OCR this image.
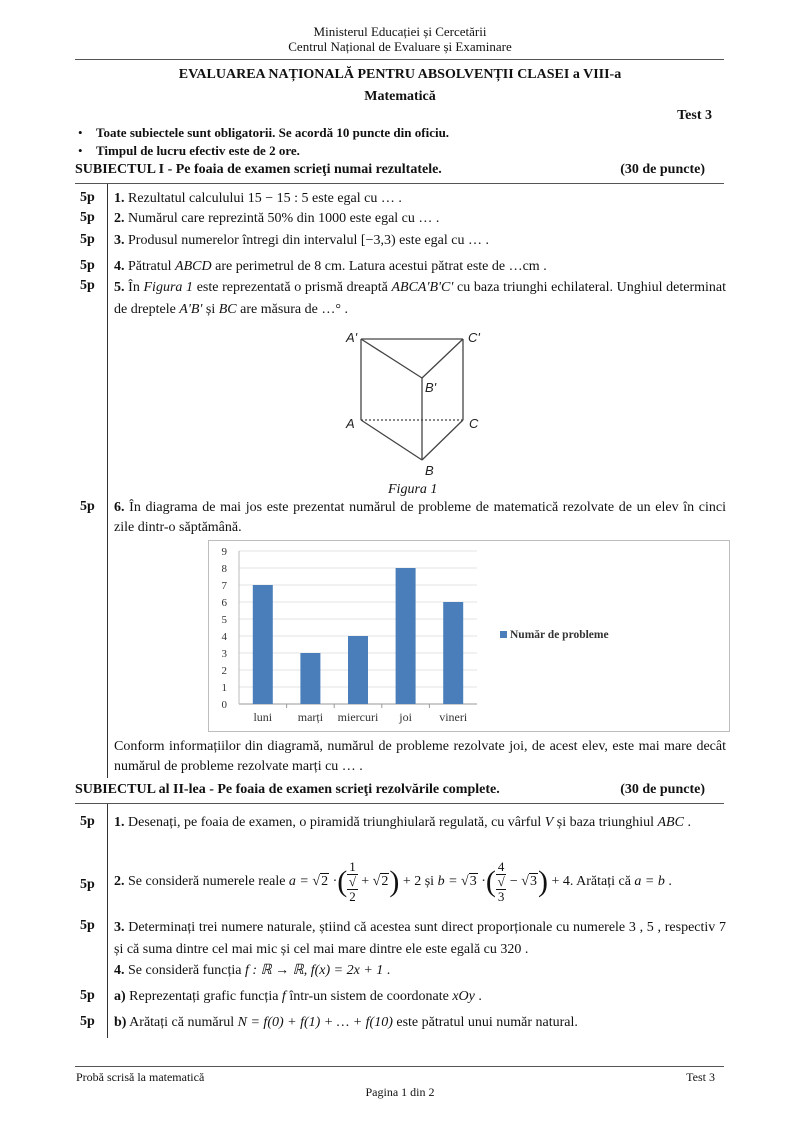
Ministerul Educației și Cercetării
Centrul Național de Evaluare și Examinare
EVALUAREA NAȚIONALĂ PENTRU ABSOLVENȚII CLASEI a VIII-a
Matematică
Test 3
• Toate subiectele sunt obligatorii. Se acordă 10 puncte din oficiu.
• Timpul de lucru efectiv este de 2 ore.
SUBIECTUL I - Pe foaia de examen scrieţi numai rezultatele.	(30 de puncte)
5p 1. Rezultatul calculului 15 − 15 : 5 este egal cu … .
5p 2. Numărul care reprezintă 50% din 1000 este egal cu … .
5p 3. Produsul numerelor întregi din intervalul [−3,3) este egal cu … .
5p 4. Pătratul ABCD are perimetrul de 8 cm. Latura acestui pătrat este de …cm .
5p 5. În Figura 1 este reprezentată o prismă dreaptă ABCA'B'C' cu baza triunghi echilateral. Unghiul determinat de dreptele A'B' și BC are măsura de …° .
A'	C'
B'
A	C
B
Figura 1
5p 6. În diagrama de mai jos este prezentat numărul de probleme de matematică rezolvate de un elev în cinci zile dintr-o săptămână.
0
1
2
3
4
5
6
7
8
9
luni marți miercuri joi vineri
Număr de probleme
Conform informațiilor din diagramă, numărul de probleme rezolvate joi, de acest elev, este mai mare decât numărul de probleme rezolvate marți cu … .
SUBIECTUL al II-lea - Pe foaia de examen scrieţi rezolvările complete.	(30 de puncte)
5p 1. Desenați, pe foaia de examen, o piramidă triunghiulară regulată, cu vârful V și baza triunghiul ABC .
5p 2. Se consideră numerele reale a = √2 ·( 1
√
2 + √2) + 2 și b = √3 ·( 4
√
3 − √3) + 4. Arătați că a = b .
5p 3. Determinați trei numere naturale, știind că acestea sunt direct proporționale cu numerele 3 , 5 , respectiv 7 și că suma dintre cel mai mic și cel mai mare dintre ele este egală cu 320 .
4. Se consideră funcția f : ℝ → ℝ, f(x) = 2x + 1 .
5p a) Reprezentați grafic funcția f într-un sistem de coordonate xOy .
5p b) Arătați că numărul N = f(0) + f(1) + … + f(10) este pătratul unui număr natural.
Probă scrisă la matematică	Test 3
Pagina 1 din 2
